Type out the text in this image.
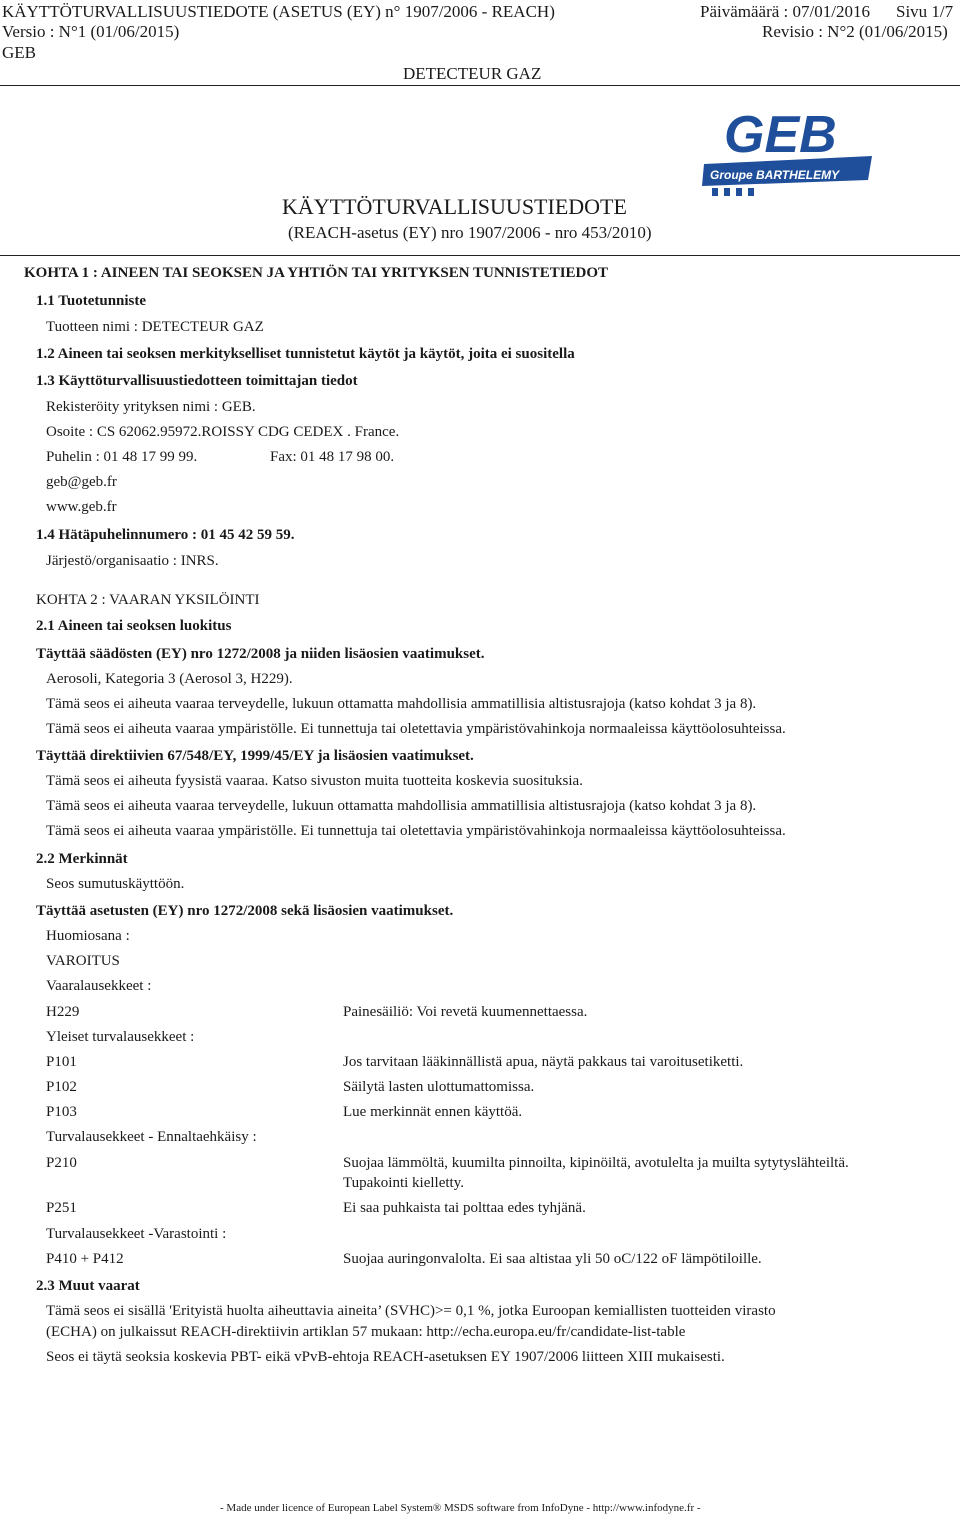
KÄYTTÖTURVALLISUUSTIEDOTE (ASETUS (EY) n° 1907/2006 - REACH)
Versio : N°1 (01/06/2015)
GEB
Päivämäärä : 07/01/2016 Sivu 1/7
Revisio : N°2 (01/06/2015)
DETECTEUR GAZ
GEB
Groupe BARTHELEMY
KÄYTTÖTURVALLISUUSTIEDOTE
(REACH-asetus (EY) nro 1907/2006 - nro 453/2010)
KOHTA 1 : AINEEN TAI SEOKSEN JA YHTIÖN TAI YRITYKSEN TUNNISTETIEDOT
1.1 Tuotetunniste
Tuotteen nimi : DETECTEUR GAZ
1.2 Aineen tai seoksen merkitykselliset tunnistetut käytöt ja käytöt, joita ei suositella
1.3 Käyttöturvallisuustiedotteen toimittajan tiedot
Rekisteröity yrityksen nimi : GEB.
Osoite : CS 62062.95972.ROISSY CDG CEDEX . France.
Puhelin : 01 48 17 99 99.	Fax: 01 48 17 98 00.
geb@geb.fr
www.geb.fr
1.4 Hätäpuhelinnumero : 01 45 42 59 59.
Järjestö/organisaatio : INRS.
KOHTA 2 : VAARAN YKSILÖINTI
2.1 Aineen tai seoksen luokitus
Täyttää säädösten (EY) nro 1272/2008 ja niiden lisäosien vaatimukset.
Aerosoli, Kategoria 3 (Aerosol 3, H229).
Tämä seos ei aiheuta vaaraa terveydelle, lukuun ottamatta mahdollisia ammatillisia altistusrajoja (katso kohdat 3 ja 8).
Tämä seos ei aiheuta vaaraa ympäristölle. Ei tunnettuja tai oletettavia ympäristövahinkoja normaaleissa käyttöolosuhteissa.
Täyttää direktiivien 67/548/EY, 1999/45/EY ja lisäosien vaatimukset.
Tämä seos ei aiheuta fyysistä vaaraa. Katso sivuston muita tuotteita koskevia suosituksia.
Tämä seos ei aiheuta vaaraa terveydelle, lukuun ottamatta mahdollisia ammatillisia altistusrajoja (katso kohdat 3 ja 8).
Tämä seos ei aiheuta vaaraa ympäristölle. Ei tunnettuja tai oletettavia ympäristövahinkoja normaaleissa käyttöolosuhteissa.
2.2 Merkinnät
Seos sumutuskäyttöön.
Täyttää asetusten (EY) nro 1272/2008 sekä lisäosien vaatimukset.
Huomiosana :
VAROITUS
Vaaralausekkeet :
H229	Painesäiliö: Voi revetä kuumennettaessa.
Yleiset turvalausekkeet :
P101	Jos tarvitaan lääkinnällistä apua, näytä pakkaus tai varoitusetiketti.
P102	Säilytä lasten ulottumattomissa.
P103	Lue merkinnät ennen käyttöä.
Turvalausekkeet - Ennaltaehkäisy :
P210	Suojaa lämmöltä, kuumilta pinnoilta, kipinöiltä, avotulelta ja muilta sytytyslähteiltä.
Tupakointi kielletty.
P251	Ei saa puhkaista tai polttaa edes tyhjänä.
Turvalausekkeet -Varastointi :
P410 + P412	Suojaa auringonvalolta. Ei saa altistaa yli 50 oC/122 oF lämpötiloille.
2.3 Muut vaarat
Tämä seos ei sisällä 'Erityistä huolta aiheuttavia aineita’ (SVHC)>= 0,1 %, jotka Euroopan kemiallisten tuotteiden virasto
(ECHA) on julkaissut REACH-direktiivin artiklan 57 mukaan: http://echa.europa.eu/fr/candidate-list-table
Seos ei täytä seoksia koskevia PBT- eikä vPvB-ehtoja REACH-asetuksen EY 1907/2006 liitteen XIII mukaisesti.
- Made under licence of European Label System® MSDS software from InfoDyne - http://www.infodyne.fr -
